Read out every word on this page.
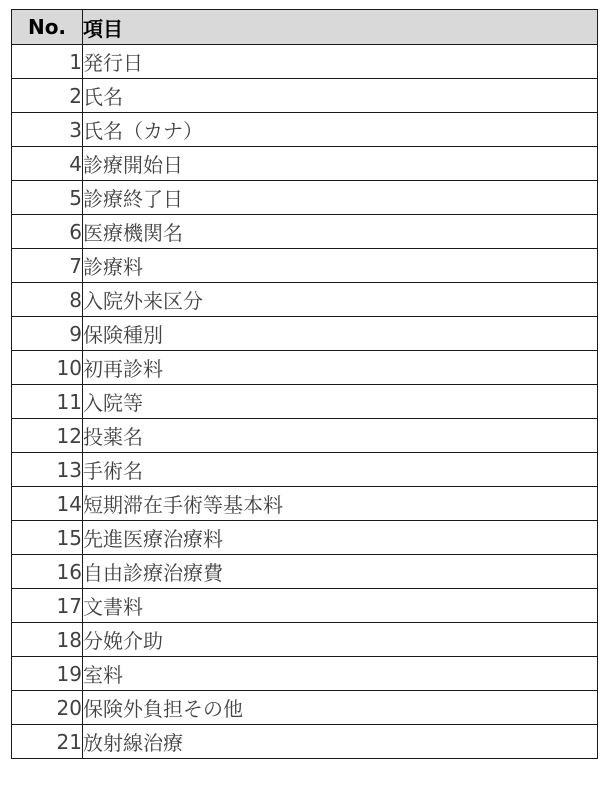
No.	項目
1	発行日
2	氏名
3	氏名（カナ）
4	診療開始日
5	診療終了日
6	医療機関名
7	診療料
8	入院外来区分
9	保険種別
10	初再診料
11	入院等
12	投薬名
13	手術名
14	短期滞在手術等基本料
15	先進医療治療料
16	自由診療治療費
17	文書料
18	分娩介助
19	室料
20	保険外負担その他
21	放射線治療
